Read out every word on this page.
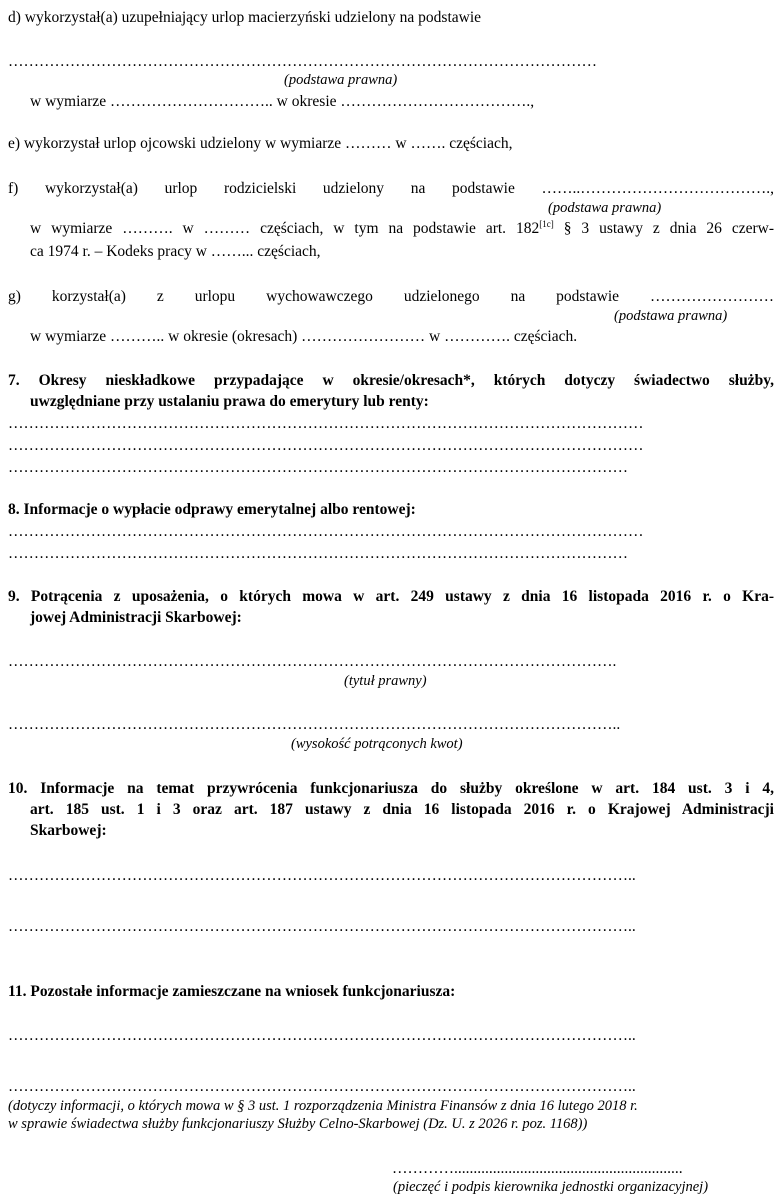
d) wykorzystał(a) uzupełniający urlop macierzyński udzielony na podstawie
……………………………………………………………………………………………………
(podstawa prawna)
w wymiarze ………………………….. w okresie ……………………………….,
e) wykorzystał urlop ojcowski udzielony w wymiarze ……… w ……. częściach,
f) wykorzystał(a) urlop rodzicielski udzielony na podstawie ……..……………………………….,
(podstawa prawna)
w wymiarze ………. w ……… częściach, w tym na podstawie art. 182[1c] § 3 ustawy z dnia 26 czerw-
ca 1974 r. – Kodeks pracy w ……... częściach,
g) korzystał(a) z urlopu wychowawczego udzielonego na podstawie ……………………
(podstawa prawna)
w wymiarze ……….. w okresie (okresach) …………………… w …………. częściach.
7. Okresy nieskładkowe przypadające w okresie/okresach*, których dotyczy świadectwo służby,
uwzględniane przy ustalaniu prawa do emerytury lub renty:
……………………………………………………………………………………………………………
……………………………………………………………………………………………………………
…………………………………………………………………………………………………………
8. Informacje o wypłacie odprawy emerytalnej albo rentowej:
……………………………………………………………………………………………………………
…………………………………………………………………………………………………………
9. Potrącenia z uposażenia, o których mowa w art. 249 ustawy z dnia 16 listopada 2016 r. o Kra-
jowej Administracji Skarbowej:
……………………………………………………………………………………………………….
(tytuł prawny)
………………………………………………………………………………………………………..
(wysokość potrąconych kwot)
10. Informacje na temat przywrócenia funkcjonariusza do służby określone w art. 184 ust. 3 i 4,
art. 185 ust. 1 i 3 oraz art. 187 ustawy z dnia 16 listopada 2016 r. o Krajowej Administracji
Skarbowej:
…………………………………………………………………………………………………………..
…………………………………………………………………………………………………………..
11. Pozostałe informacje zamieszczane na wniosek funkcjonariusza:
…………………………………………………………………………………………………………..
…………………………………………………………………………………………………………..
(dotyczy informacji, o których mowa w § 3 ust. 1 rozporządzenia Ministra Finansów z dnia 16 lutego 2018 r.
w sprawie świadectwa służby funkcjonariuszy Służby Celno-Skarbowej (Dz. U. z 2026 r. poz. 1168))
…………...........................................................
(pieczęć i podpis kierownika jednostki organizacyjnej)
